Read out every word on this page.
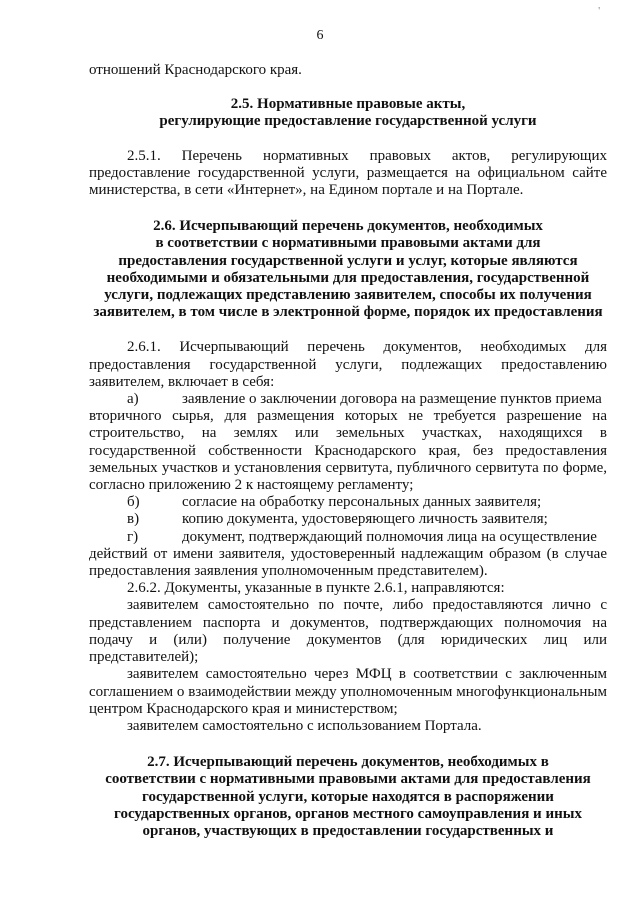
'
6

отношений Краснодарского края.

2.5. Нормативные правовые акты,

регулирующие предоставление государственной услуги

2.5.1. Перечень нормативных правовых актов, регулирующих предоставление государственной услуги, размещается на официальном сайте министерства, в сети «Интернет», на Едином портале и на Портале.

2.6. Исчерпывающий перечень документов, необходимых

в соответствии с нормативными правовыми актами для

предоставления государственной услуги и услуг, которые являются

необходимыми и обязательными для предоставления, государственной

услуги, подлежащих представлению заявителем, способы их получения

заявителем, в том числе в электронной форме, порядок их предоставления

2.6.1. Исчерпывающий перечень документов, необходимых для предоставления государственной услуги, подлежащих предоставлению заявителем, включает в себя:

а)	заявление о заключении договора на размещение пунктов приема

вторичного сырья, для размещения которых не требуется разрешение на строительство, на землях или земельных участках, находящихся в государственной собственности Краснодарского края, без предоставления земельных участков и установления сервитута, публичного сервитута по форме, согласно приложению 2 к настоящему регламенту;

б)	согласие на обработку персональных данных заявителя;
в)	копию документа, удостоверяющего личность заявителя;
г)	документ, подтверждающий полномочия лица на осуществление

действий от имени заявителя, удостоверенный надлежащим образом (в случае предоставления заявления уполномоченным представителем).

2.6.2. Документы, указанные в пункте 2.6.1, направляются:

заявителем самостоятельно по почте, либо предоставляются лично с представлением паспорта и документов, подтверждающих полномочия на подачу и (или) получение документов (для юридических лиц или представителей);

заявителем самостоятельно через МФЦ в соответствии с заключенным соглашением о взаимодействии между уполномоченным многофункциональным центром Краснодарского края и министерством;

заявителем самостоятельно с использованием Портала.

2.7. Исчерпывающий перечень документов, необходимых в

соответствии с нормативными правовыми актами для предоставления

государственной услуги, которые находятся в распоряжении

государственных органов, органов местного самоуправления и иных

органов, участвующих в предоставлении государственных и
